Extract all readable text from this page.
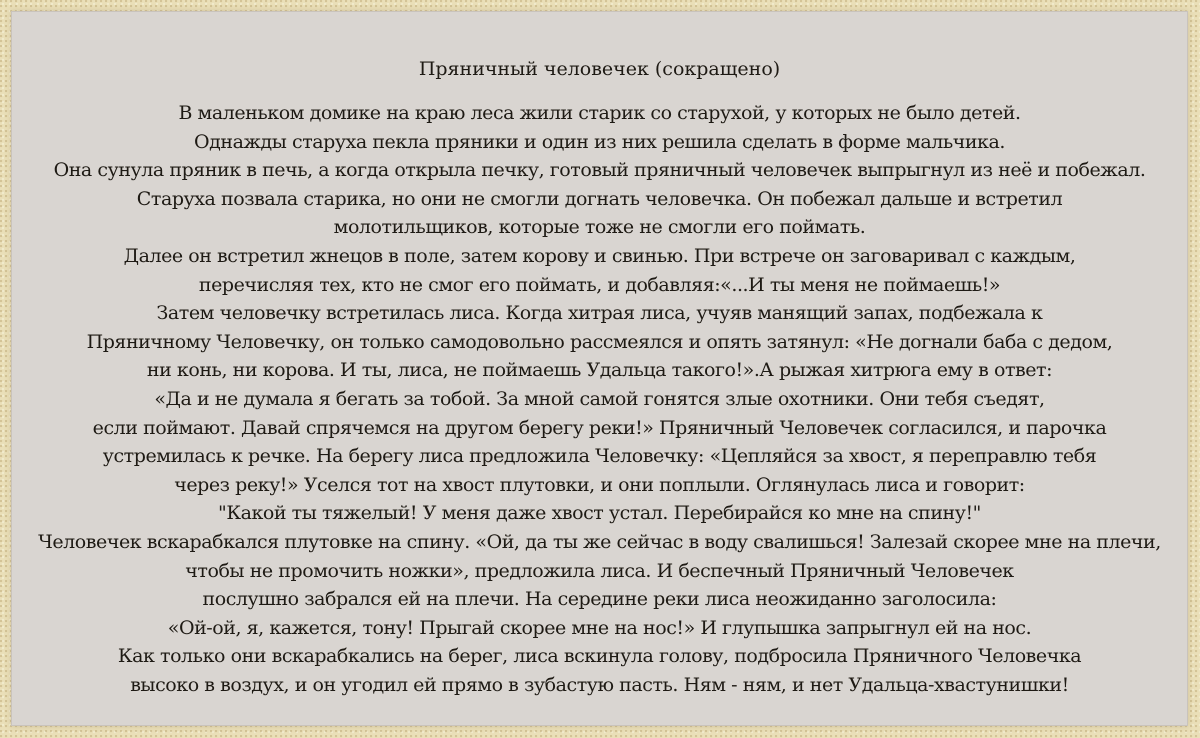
Пряничный человечек (сокращено)
В маленьком домике на краю леса жили старик со старухой, у которых не было детей.
Однажды старуха пекла пряники и один из них решила сделать в форме мальчика.
Она сунула пряник в печь, а когда открыла печку, готовый пряничный человечек выпрыгнул из неё и побежал.
Старуха позвала старика, но они не смогли догнать человечка. Он побежал дальше и встретил
молотильщиков, которые тоже не смогли его поймать.
Далее он встретил жнецов в поле, затем корову и свинью. При встрече он заговаривал с каждым,
перечисляя тех, кто не смог его поймать, и добавляя:«...И ты меня не поймаешь!»
Затем человечку встретилась лиса. Когда хитрая лиса, учуяв манящий запах, подбежала к
Пряничному Человечку, он только самодовольно рассмеялся и опять затянул: «Не догнали баба с дедом,
ни конь, ни корова. И ты, лиса, не поймаешь Удальца такого!».А рыжая хитрюга ему в ответ:
«Да и не думала я бегать за тобой. За мной самой гонятся злые охотники. Они тебя съедят,
если поймают. Давай спрячемся на другом берегу реки!» Пряничный Человечек согласился, и парочка
устремилась к речке. На берегу лиса предложила Человечку: «Цепляйся за хвост, я переправлю тебя
через реку!» Уселся тот на хвост плутовки, и они поплыли. Оглянулась лиса и говорит:
"Какой ты тяжелый! У меня даже хвост устал. Перебирайся ко мне на спину!"
Человечек вскарабкался плутовке на спину. «Ой, да ты же сейчас в воду свалишься! Залезай скорее мне на плечи,
чтобы не промочить ножки», предложила лиса. И беспечный Пряничный Человечек
послушно забрался ей на плечи. На середине реки лиса неожиданно заголосила:
«Ой-ой, я, кажется, тону! Прыгай скорее мне на нос!» И глупышка запрыгнул ей на нос.
Как только они вскарабкались на берег, лиса вскинула голову, подбросила Пряничного Человечка
высоко в воздух, и он угодил ей прямо в зубастую пасть. Ням - ням, и нет Удальца-хвастунишки!
